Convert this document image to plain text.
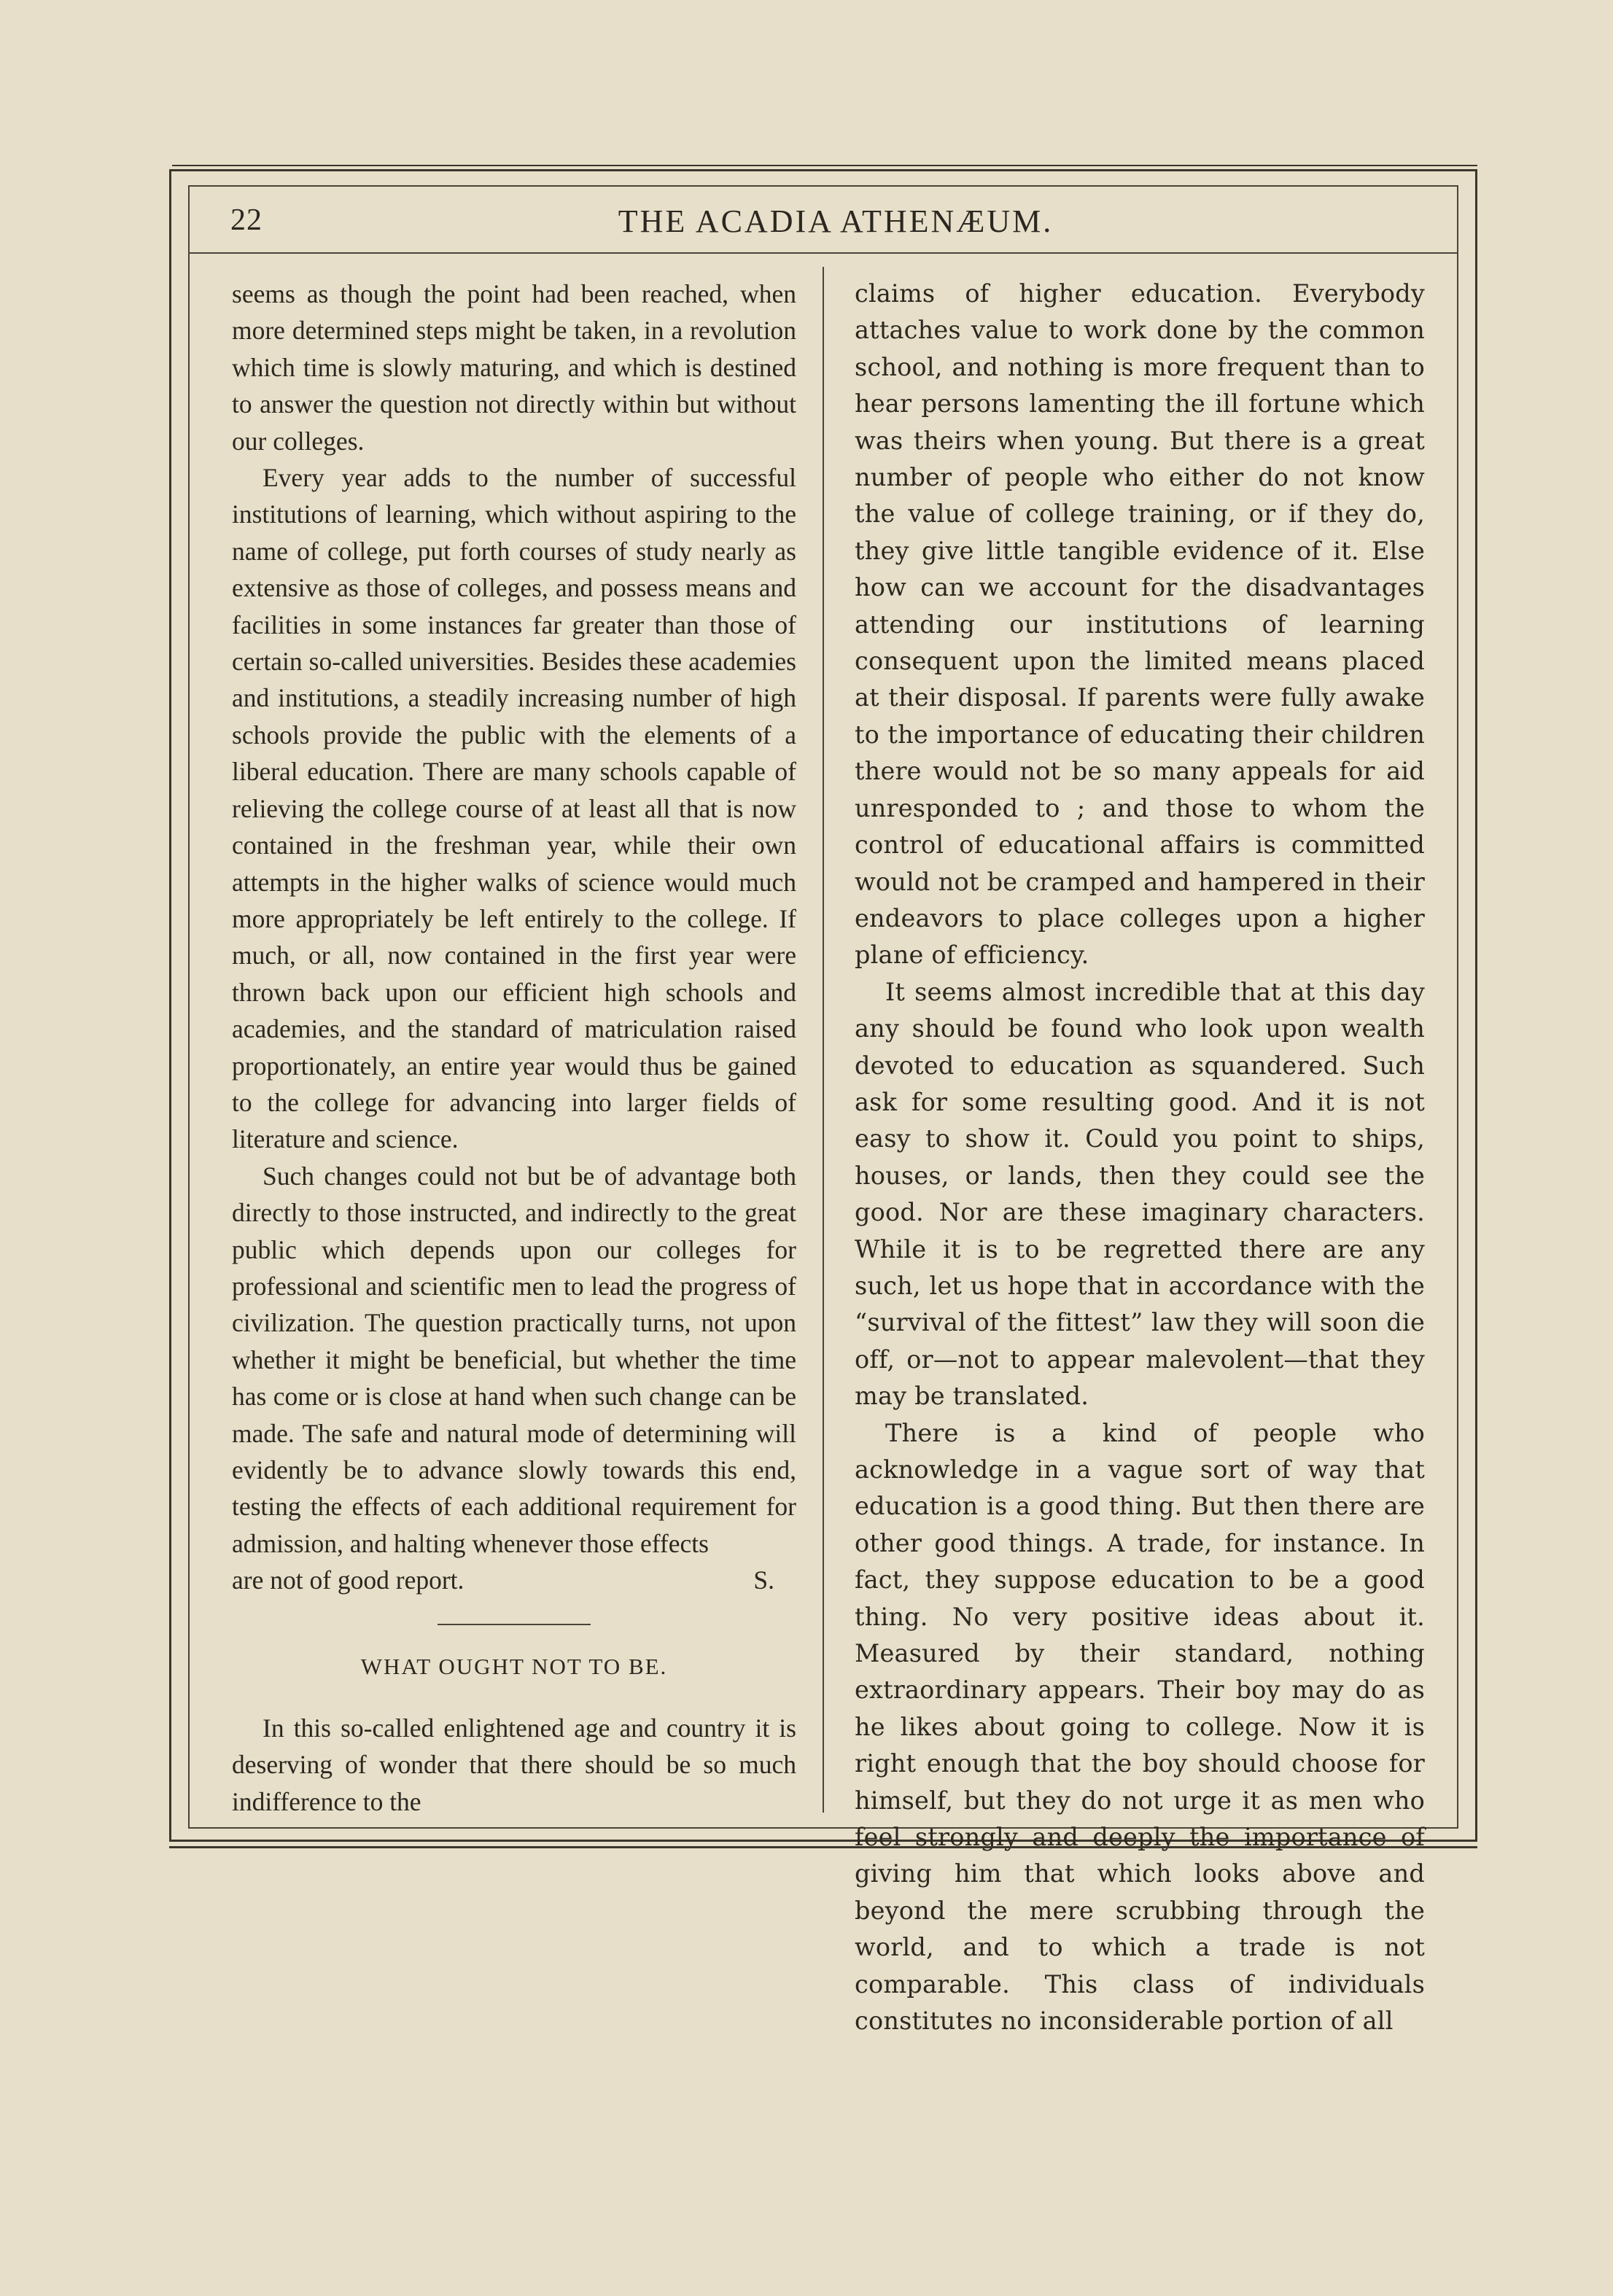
22	THE ACADIA ATHENÆUM.

seems as though the point had been reached, when more determined steps might be taken, in a revolution which time is slowly maturing, and which is destined to answer the question not directly within but without our colleges.

Every year adds to the number of successful institutions of learning, which without aspiring to the name of college, put forth courses of study nearly as extensive as those of colleges, and possess means and facilities in some instances far greater than those of certain so-called universities. Besides these academies and institutions, a steadily increasing number of high schools provide the public with the elements of a liberal education. There are many schools capable of relieving the college course of at least all that is now contained in the freshman year, while their own attempts in the higher walks of science would much more appropriately be left entirely to the college. If much, or all, now contained in the first year were thrown back upon our efficient high schools and academies, and the standard of matriculation raised proportionately, an entire year would thus be gained to the college for advancing into larger fields of literature and science.

Such changes could not but be of advantage both directly to those instructed, and indirectly to the great public which depends upon our colleges for professional and scientific men to lead the progress of civilization. The question practically turns, not upon whether it might be beneficial, but whether the time has come or is close at hand when such change can be made. The safe and natural mode of determining will evidently be to advance slowly towards this end, testing the effects of each additional requirement for admission, and halting whenever those effects

are not of good report.	S.
WHAT OUGHT NOT TO BE.

In this so-called enlightened age and country it is deserving of wonder that there should be so much indifference to the

claims of higher education. Everybody attaches value to work done by the common school, and nothing is more frequent than to hear persons lamenting the ill fortune which was theirs when young. But there is a great number of people who either do not know the value of college training, or if they do, they give little tangible evidence of it. Else how can we account for the disadvantages attending our institutions of learning consequent upon the limited means placed at their disposal. If parents were fully awake to the importance of educating their children there would not be so many appeals for aid unresponded to ; and those to whom the control of educational affairs is committed would not be cramped and hampered in their endeavors to place colleges upon a higher plane of efficiency.

It seems almost incredible that at this day any should be found who look upon wealth devoted to education as squandered. Such ask for some resulting good. And it is not easy to show it. Could you point to ships, houses, or lands, then they could see the good. Nor are these imaginary characters. While it is to be regretted there are any such, let us hope that in accordance with the “survival of the fittest” law they will soon die off, or—not to appear malevolent—that they may be translated.

There is a kind of people who acknowledge in a vague sort of way that education is a good thing. But then there are other good things. A trade, for instance. In fact, they suppose education to be a good thing. No very positive ideas about it. Measured by their standard, nothing extraordinary appears. Their boy may do as he likes about going to college. Now it is right enough that the boy should choose for himself, but they do not urge it as men who feel strongly and deeply the importance of giving him that which looks above and beyond the mere scrubbing through the world, and to which a trade is not comparable. This class of individuals constitutes no inconsiderable portion of all
